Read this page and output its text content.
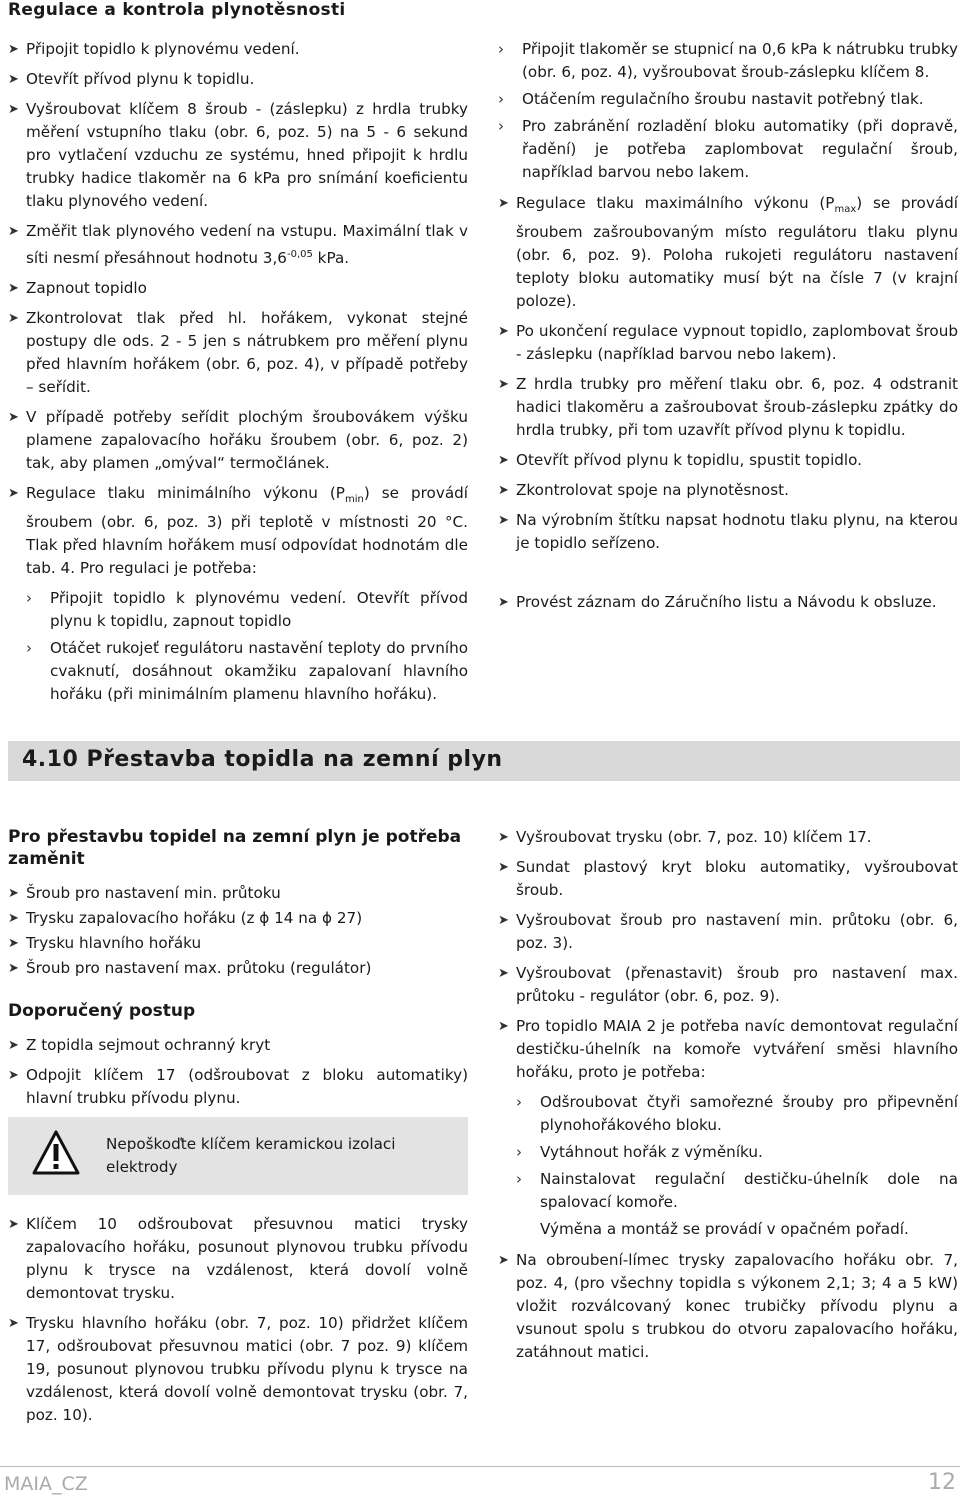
Regulace a kontrola plynotěsnosti
➤ Připojit topidlo k plynovému vedení.
➤ Otevřít přívod plynu k topidlu.
➤ Vyšroubovat klíčem 8 šroub - (záslepku) z hrdla trubky měření vstupního tlaku (obr. 6, poz. 5) na 5 - 6 sekund pro vytlačení vzduchu ze systému, hned připojit k hrdlu trubky hadice tlakoměr na 6 kPa pro snímání koeficientu tlaku plynového vedení.
➤ Změřit tlak plynového vedení na vstupu. Maximální tlak v síti nesmí přesáhnout hodnotu $3,6^{-0,05}$ kPa.
➤ Zapnout topidlo
➤ Zkontrolovat tlak před hl. hořákem, vykonat stejné postupy dle ods. 2 - 5 jen s nátrubkem pro měření plynu před hlavním hořákem (obr. 6, poz. 4), v případě potřeby – seřídit.
➤ V případě potřeby seřídit plochým šroubovákem výšku plamene zapalovacího hořáku šroubem (obr. 6, poz. 2) tak, aby plamen „omýval“ termočlánek.
➤ Regulace tlaku minimálního výkonu $(P_{min})$ se provádí šroubem (obr. 6, poz. 3) při teplotě v místnosti 20 °C. Tlak před hlavním hořákem musí odpovídat hodnotám dle tab. 4. Pro regulaci je potřeba:
› Připojit topidlo k plynovému vedení. Otevřít přívod plynu k topidlu, zapnout topidlo
› Otáčet rukojeť regulátoru nastavění teploty do prvního cvaknutí, dosáhnout okamžiku zapalovaní hlavního hořáku (při minimálním plamenu hlavního hořáku).
› Připojit tlakoměr se stupnicí na 0,6 kPa k nátrubku trubky (obr. 6, poz. 4), vyšroubovat šroub-záslepku klíčem 8.
› Otáčením regulačního šroubu nastavit potřebný tlak.
› Pro zabránění rozladění bloku automatiky (při dopravě, řadění) je potřeba zaplombovat regulační šroub, například barvou nebo lakem.
➤ Regulace tlaku maximálního výkonu $(P_{max})$ se provádí šroubem zašroubovaným místo regulátoru tlaku plynu (obr. 6, poz. 9). Poloha rukojeti regulátoru nastavení teploty bloku automatiky musí být na čísle 7 (v krajní poloze).
➤ Po ukončení regulace vypnout topidlo, zaplombovat šroub - záslepku (například barvou nebo lakem).
➤ Z hrdla trubky pro měření tlaku obr. 6, poz. 4 odstranit hadici tlakoměru a zašroubovat šroub-záslepku zpátky do hrdla trubky, při tom uzavřít přívod plynu k topidlu.
➤ Otevřít přívod plynu k topidlu, spustit topidlo.
➤ Zkontrolovat spoje na plynotěsnost.
➤ Na výrobním štítku napsat hodnotu tlaku plynu, na kterou je topidlo seřízeno.
➤ Provést záznam do Záručního listu a Návodu k obsluze.
4.10 Přestavba topidla na zemní plyn
Pro přestavbu topidel na zemní plyn je potřeba zaměnit
➤ Šroub pro nastavení min. průtoku
➤ Trysku zapalovacího hořáku (z ɸ 14 na ɸ 27)
➤ Trysku hlavního hořáku
➤ Šroub pro nastavení max. průtoku (regulátor)
Doporučený postup
➤ Z topidla sejmout ochranný kryt
➤ Odpojit klíčem 17 (odšroubovat z bloku automatiky) hlavní trubku přívodu plynu.
Nepoškoďte klíčem keramickou izolaci elektrody
➤ Klíčem 10 odšroubovat přesuvnou matici trysky zapalovacího hořáku, posunout plynovou trubku přívodu plynu k trysce na vzdálenost, která dovolí volně demontovat trysku.
➤ Trysku hlavního hořáku (obr. 7, poz. 10) přidržet klíčem 17, odšroubovat přesuvnou matici (obr. 7 poz. 9) klíčem 19, posunout plynovou trubku přívodu plynu k trysce na vzdálenost, která dovolí volně demontovat trysku (obr. 7, poz. 10).
➤ Vyšroubovat trysku (obr. 7, poz. 10) klíčem 17.
➤ Sundat plastový kryt bloku automatiky, vyšroubovat šroub.
➤ Vyšroubovat šroub pro nastavení min. průtoku (obr. 6, poz. 3).
➤ Vyšroubovat (přenastavit) šroub pro nastavení max. průtoku - regulátor (obr. 6, poz. 9).
➤ Pro topidlo MAIA 2 je potřeba navíc demontovat regulační destičku-úhelník na komoře vytváření směsi hlavního hořáku, proto je potřeba:
› Odšroubovat čtyři samořezné šrouby pro připevnění plynohořákového bloku.
› Vytáhnout hořák z výměníku.
› Nainstalovat regulační destičku-úhelník dole na spalovací komoře.
Výměna a montáž se provádí v opačném pořadí.
➤ Na obroubení-límec trysky zapalovacího hořáku obr. 7, poz. 4, (pro všechny topidla s výkonem 2,1; 3; 4 a 5 kW) vložit rozválcovaný konec trubičky přívodu plynu a vsunout spolu s trubkou do otvoru zapalovacího hořáku, zatáhnout matici.
MAIA_CZ	12
